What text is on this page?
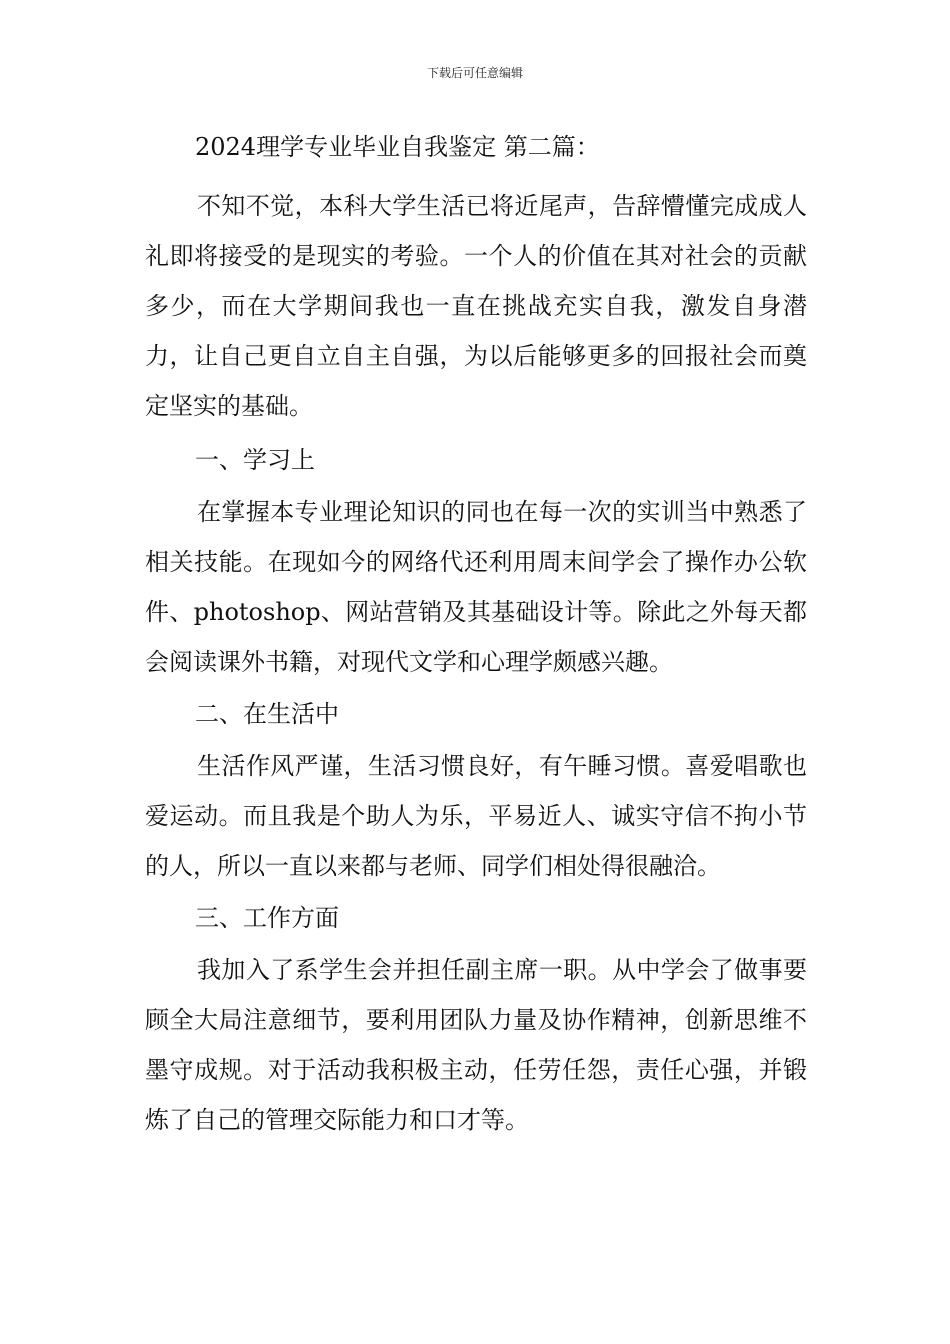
下载后可任意编辑
2024理学专业毕业自我鉴定 第二篇：

不知不觉，本科大学生活已将近尾声，告辞懵懂完成成人礼即将接受的是现实的考验。一个人的价值在其对社会的贡献多少，而在大学期间我也一直在挑战充实自我，激发自身潜力，让自己更自立自主自强，为以后能够更多的回报社会而奠定坚实的基础。

一、学习上

在掌握本专业理论知识的同也在每一次的实训当中熟悉了相关技能。在现如今的网络代还利用周末间学会了操作办公软件、photoshop、网站营销及其基础设计等。除此之外每天都会阅读课外书籍，对现代文学和心理学颇感兴趣。

二、在生活中

生活作风严谨，生活习惯良好，有午睡习惯。喜爱唱歌也爱运动。而且我是个助人为乐，平易近人、诚实守信不拘小节的人，所以一直以来都与老师、同学们相处得很融洽。

三、工作方面

我加入了系学生会并担任副主席一职。从中学会了做事要顾全大局注意细节，要利用团队力量及协作精神，创新思维不墨守成规。对于活动我积极主动，任劳任怨，责任心强，并锻炼了自己的管理交际能力和口才等。
